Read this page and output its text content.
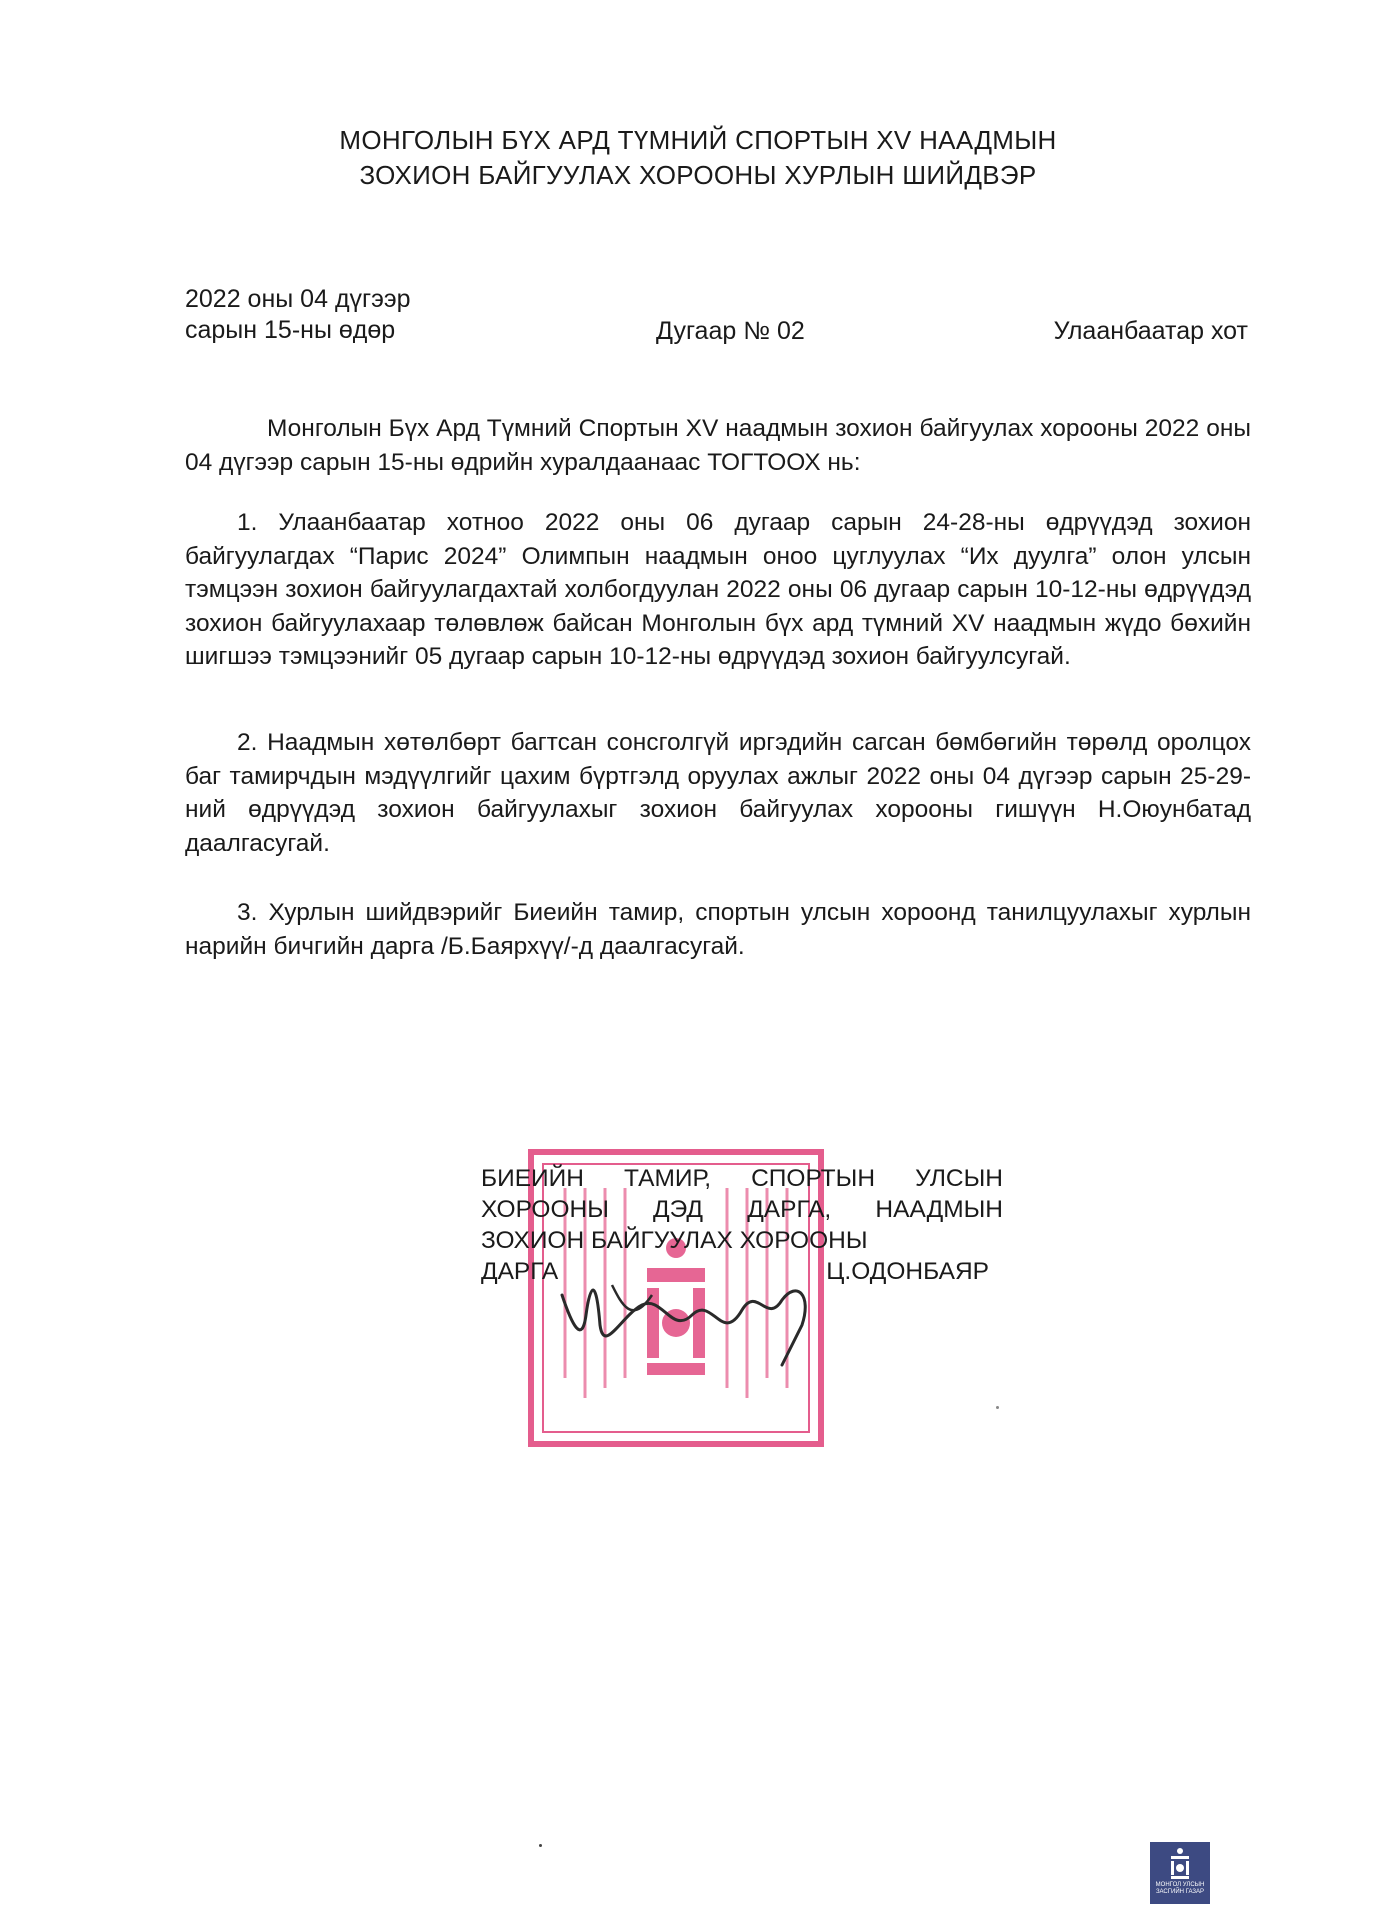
МОНГОЛЫН БҮХ АРД ТҮМНИЙ СПОРТЫН XV НААДМЫН
ЗОХИОН БАЙГУУЛАХ ХОРООНЫ ХУРЛЫН ШИЙДВЭР
2022 оны 04 дүгээр
сарын 15-ны өдөр	Дугаар № 02	Улаанбаатар хот
Монголын Бүх Ард Түмний Спортын XV наадмын зохион байгуулах хорооны 2022 оны 04 дүгээр сарын 15-ны өдрийн хуралдаанаас ТОГТООХ нь:
1. Улаанбаатар хотноо 2022 оны 06 дугаар сарын 24-28-ны өдрүүдэд зохион байгуулагдах “Парис 2024” Олимпын наадмын оноо цуглуулах “Их дуулга” олон улсын тэмцээн зохион байгуулагдахтай холбогдуулан 2022 оны 06 дугаар сарын 10-12-ны өдрүүдэд зохион байгуулахаар төлөвлөж байсан Монголын бүх ард түмний XV наадмын жүдо бөхийн шигшээ тэмцээнийг 05 дугаар сарын 10-12-ны өдрүүдэд зохион байгуулсугай.
2. Наадмын хөтөлбөрт багтсан сонсголгүй иргэдийн сагсан бөмбөгийн төрөлд оролцох баг тамирчдын мэдүүлгийг цахим бүртгэлд оруулах ажлыг 2022 оны 04 дүгээр сарын 25-29-ний өдрүүдэд зохион байгуулахыг зохион байгуулах хорооны гишүүн Н.Оюунбатад даалгасугай.
3. Хурлын шийдвэрийг Биеийн тамир, спортын улсын хороонд танилцуулахыг хурлын нарийн бичгийн дарга /Б.Баярхүү/-д даалгасугай.
БИЕИЙН ТАМИР, СПОРТЫН УЛСЫН
ХОРООНЫ ДЭД ДАРГА, НААДМЫН
ЗОХИОН БАЙГУУЛАХ ХОРООНЫ
ДАРГА	Ц.ОДОНБАЯР
МОНГОЛ УЛСЫН ЗАСГИЙН ГАЗАР
